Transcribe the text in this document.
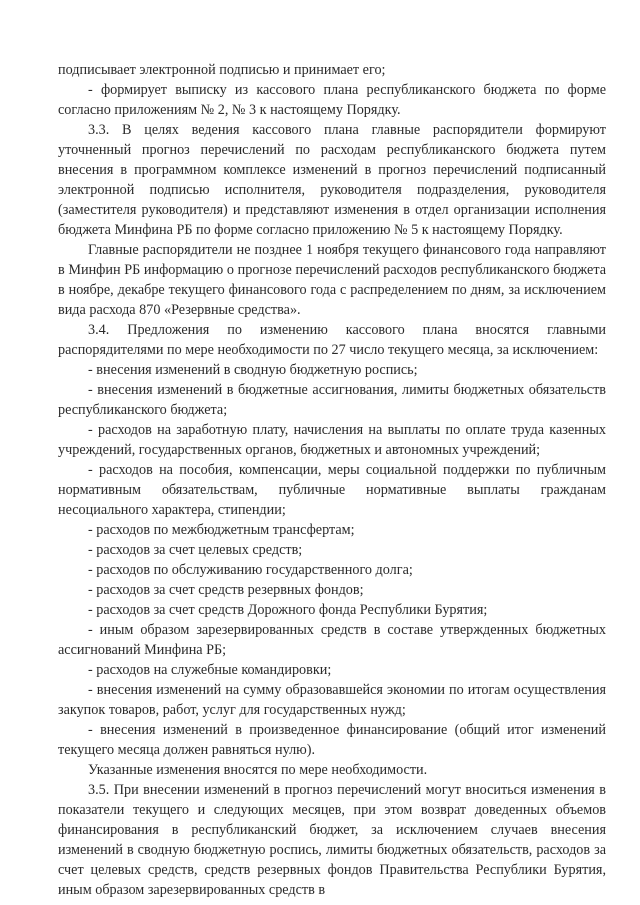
подписывает электронной подписью и принимает его;

- формирует выписку из кассового плана республиканского бюджета по форме согласно приложениям № 2, № 3 к настоящему Порядку.

3.3. В целях ведения кассового плана главные распорядители формируют уточненный прогноз перечислений по расходам республиканского бюджета путем внесения в программном комплексе изменений в прогноз перечислений подписанный электронной подписью исполнителя, руководителя подразделения, руководителя (заместителя руководителя) и представляют изменения в отдел организации исполнения бюджета Минфина РБ по форме согласно приложению № 5 к настоящему Порядку.

Главные распорядители не позднее 1 ноября текущего финансового года направляют в Минфин РБ информацию о прогнозе перечислений расходов республиканского бюджета в ноябре, декабре текущего финансового года с распределением по дням, за исключением вида расхода 870 «Резервные средства».

3.4. Предложения по изменению кассового плана вносятся главными распорядителями по мере необходимости по 27 число текущего месяца, за исключением:

- внесения изменений в сводную бюджетную роспись;

- внесения изменений в бюджетные ассигнования, лимиты бюджетных обязательств республиканского бюджета;

- расходов на заработную плату, начисления на выплаты по оплате труда казенных учреждений, государственных органов, бюджетных и автономных учреждений;

- расходов на пособия, компенсации, меры социальной поддержки по публичным нормативным обязательствам, публичные нормативные выплаты гражданам несоциального характера, стипендии;

- расходов по межбюджетным трансфертам;

- расходов за счет целевых средств;

- расходов по обслуживанию государственного долга;

- расходов за счет средств резервных фондов;

- расходов за счет средств Дорожного фонда Республики Бурятия;

- иным образом зарезервированных средств в составе утвержденных бюджетных ассигнований Минфина РБ;

- расходов на служебные командировки;

- внесения изменений на сумму образовавшейся экономии по итогам осуществления закупок товаров, работ, услуг для государственных нужд;

- внесения изменений в произведенное финансирование (общий итог изменений текущего месяца должен равняться нулю).

Указанные изменения вносятся по мере необходимости.

3.5. При внесении изменений в прогноз перечислений могут вноситься изменения в показатели текущего и следующих месяцев, при этом возврат доведенных объемов финансирования в республиканский бюджет, за исключением случаев внесения изменений в сводную бюджетную роспись, лимиты бюджетных обязательств, расходов за счет целевых средств, средств резервных фондов Правительства Республики Бурятия, иным образом зарезервированных средств в
